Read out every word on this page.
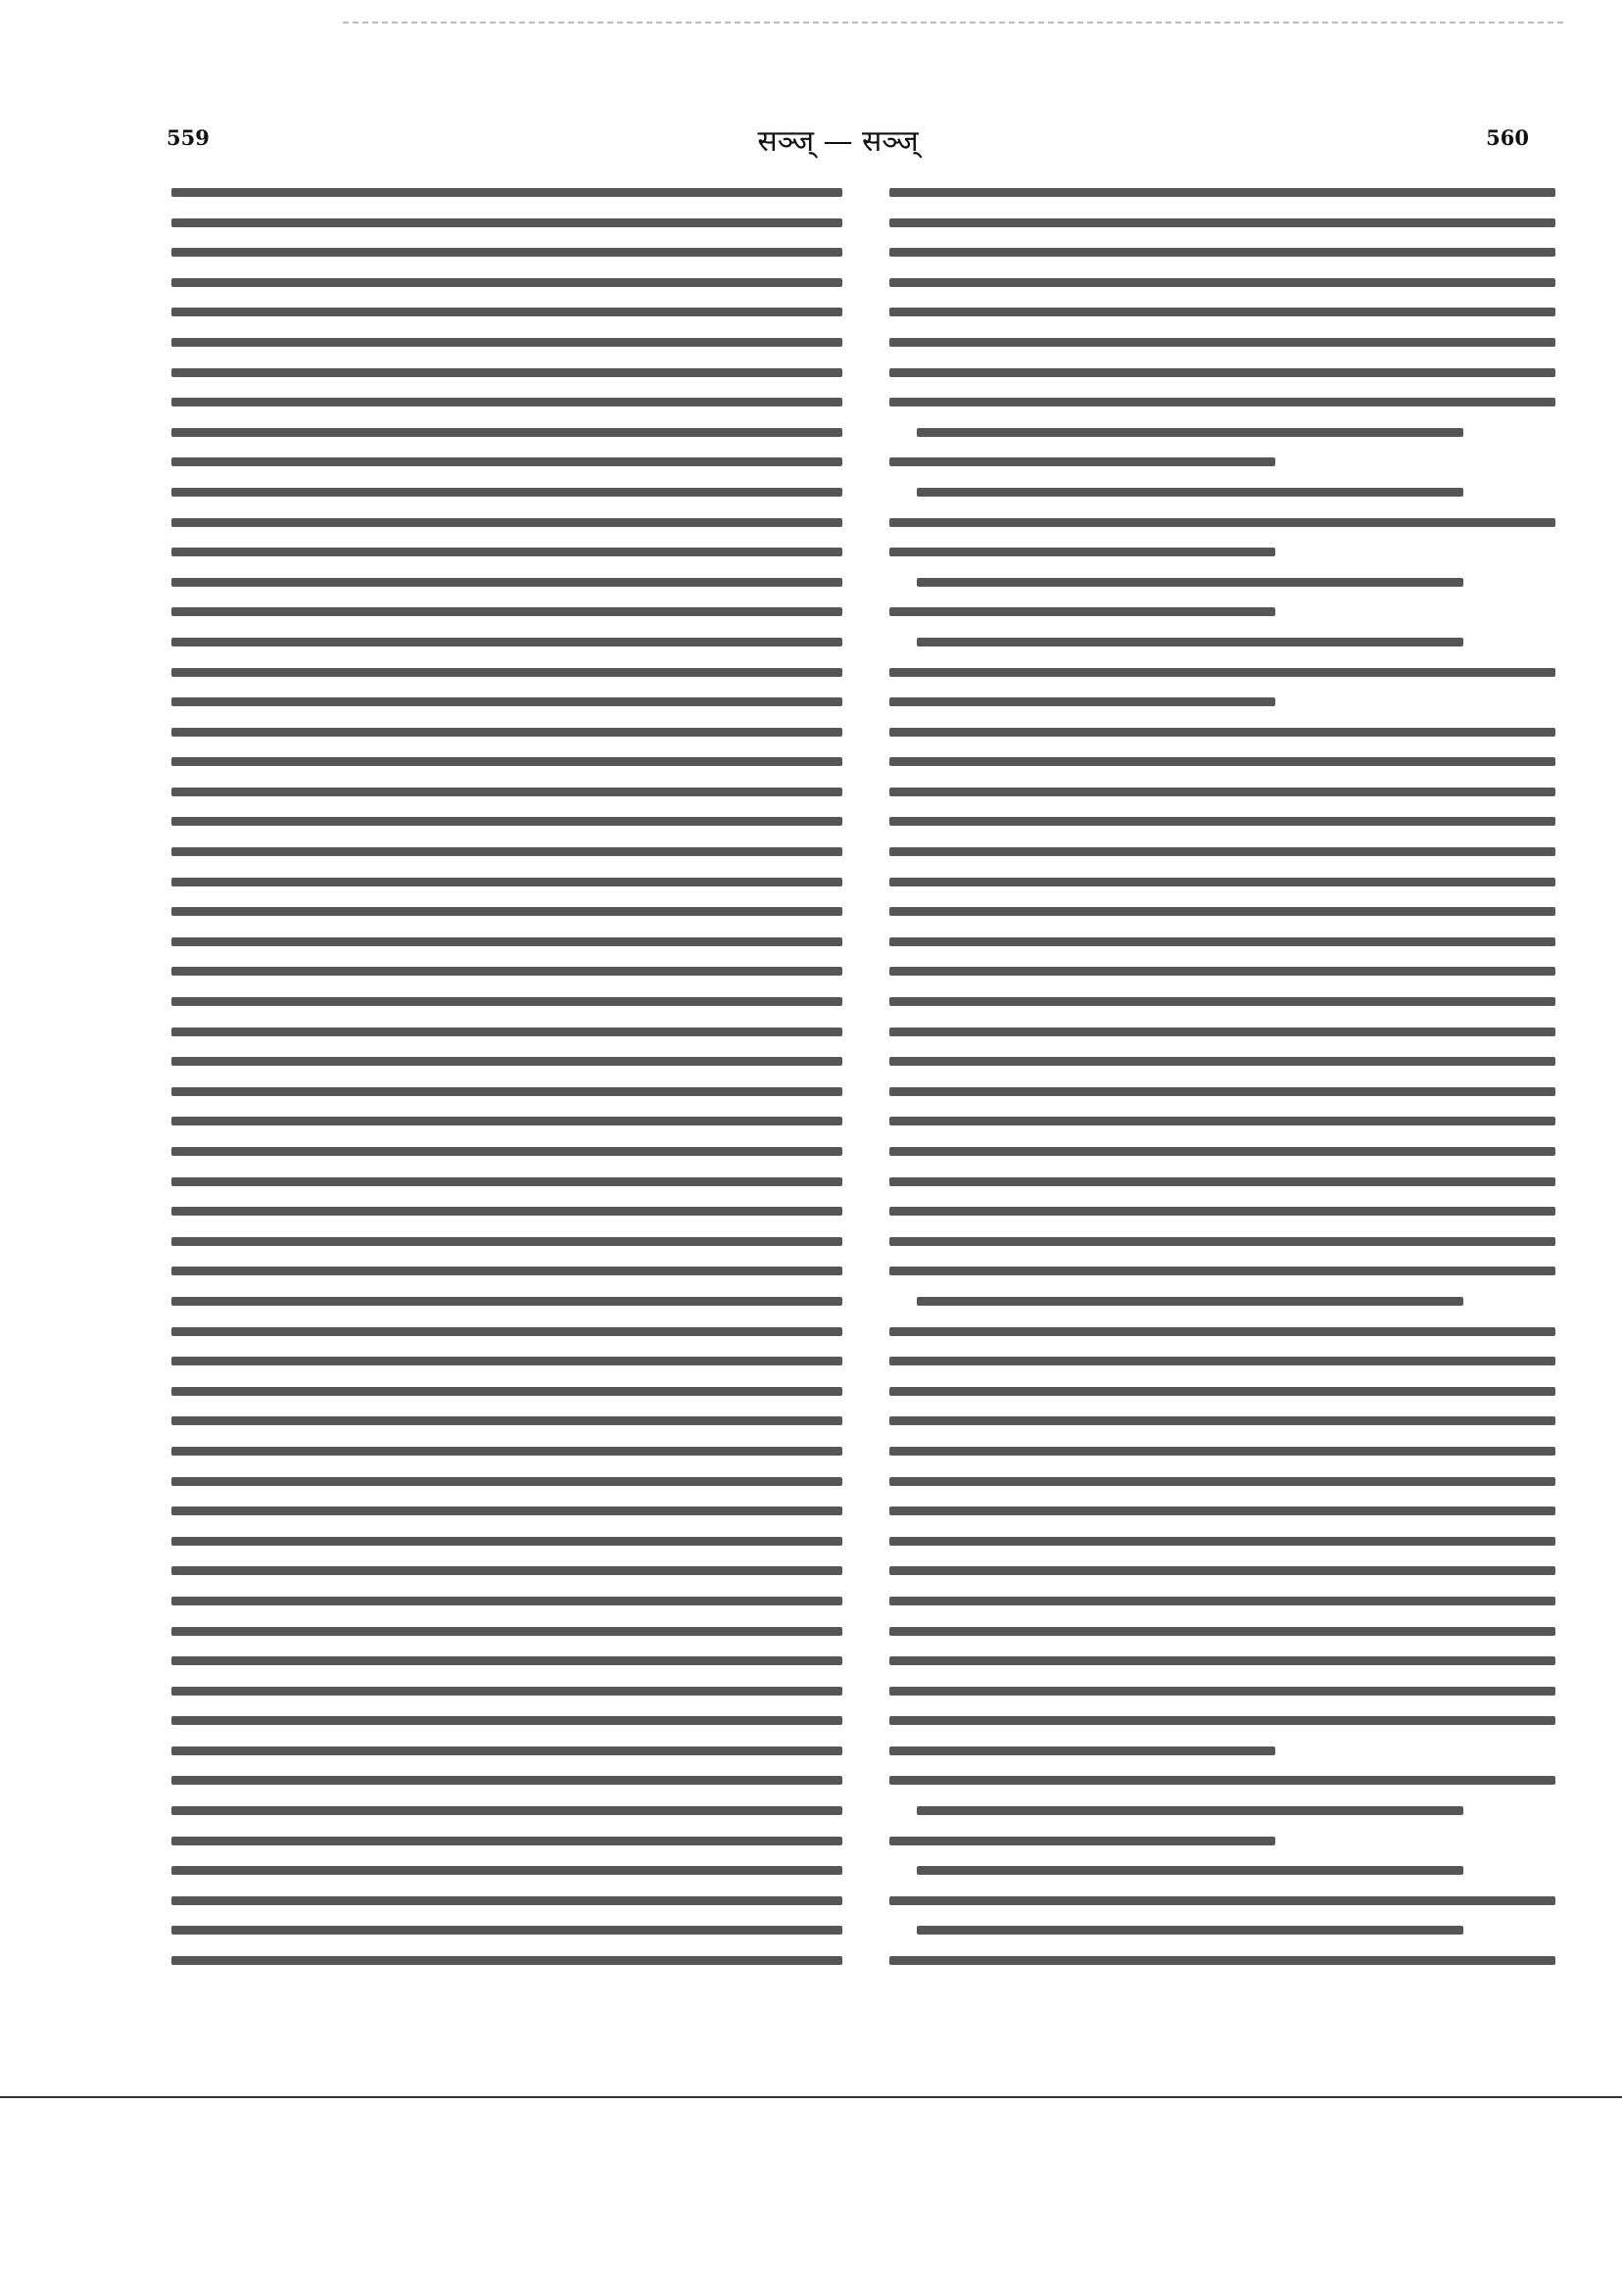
559	सञ्ज् — सञ्ज्	560
